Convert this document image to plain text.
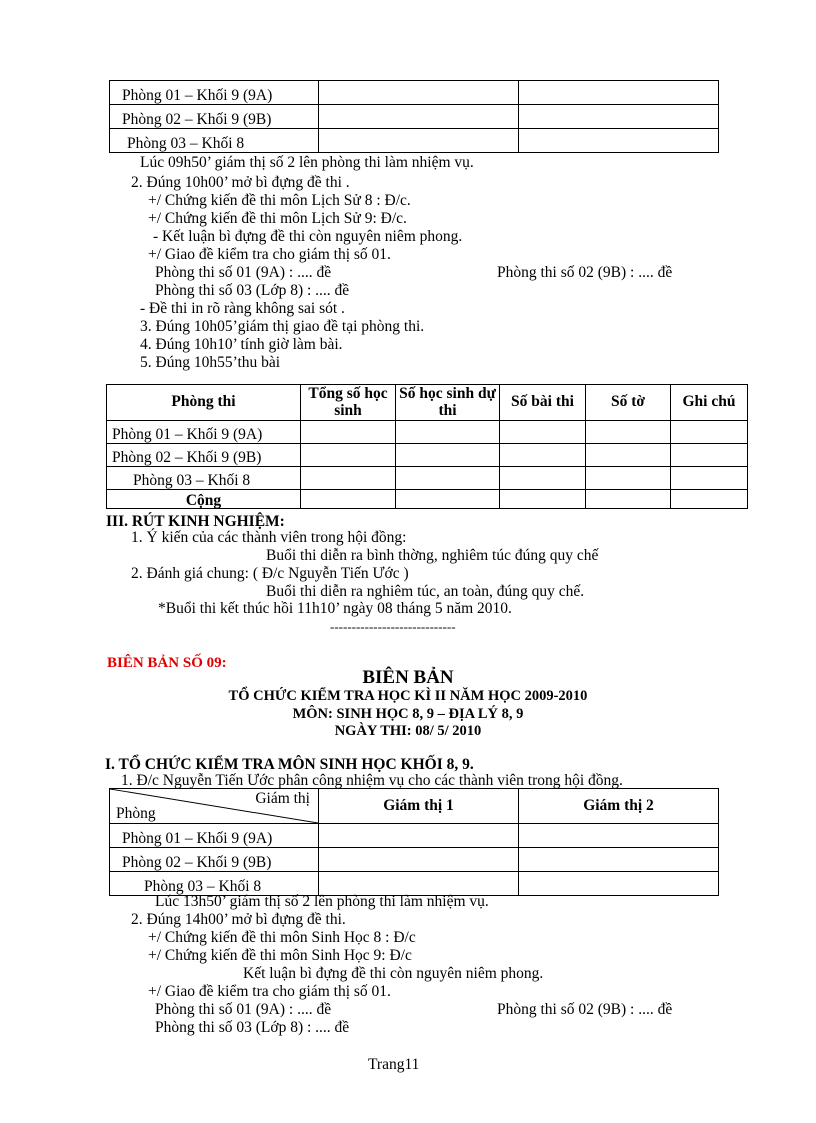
Phòng 01 – Khối 9 (9A)		
Phòng 02 – Khối 9 (9B)		
Phòng 03 – Khối 8		
Lúc 09h50’ giám thị số 2 lên phòng thi làm nhiệm vụ.
2. Đúng 10h00’ mở bì đựng đề thi .
+/ Chứng kiến đề thi môn Lịch Sử 8 : Đ/c.
+/ Chứng kiến đề thi môn Lịch Sử 9: Đ/c.
- Kết luận bì đựng đề thi còn nguyên niêm phong.
+/ Giao đề kiểm tra cho giám thị số 01.
Phòng thi số 01 (9A) : .... đề	Phòng thi số 02 (9B) : .... đề
Phòng thi số 03 (Lớp 8) : .... đề
- Đề thi in rõ ràng không sai sót .
3. Đúng 10h05’giám thị giao đề tại phòng thi.
4. Đúng 10h10’ tính giờ làm bài.
5. Đúng 10h55’thu bài
Phòng thi	Tổng số học sinh	Số học sinh dự thi	Số bài thi	Số tờ	Ghi chú
Phòng 01 – Khối 9 (9A)					
Phòng 02 – Khối 9 (9B)					
Phòng 03 – Khối 8					
Cộng					
III. RÚT KINH NGHIỆM:
1. Ý kiến của các thành viên trong hội đồng:
Buổi thi diễn ra bình thờng, nghiêm túc đúng quy chế
2. Đánh giá chung: ( Đ/c Nguyễn Tiến Ước )
Buổi thi diễn ra nghiêm túc, an toàn, đúng quy chế.
*Buổi thi kết thúc hồi 11h10’ ngày 08 tháng 5 năm 2010.
-----------------------------
BIÊN BẢN SỐ 09:
BIÊN BẢN
TỔ CHỨC KIỂM TRA HỌC KÌ II NĂM HỌC 2009-2010
MÔN: SINH HỌC 8, 9 – ĐỊA LÝ 8, 9
NGÀY THI: 08/ 5/ 2010
I. TỔ CHỨC KIỂM TRA MÔN SINH HỌC KHỐI 8, 9.
1. Đ/c Nguyễn Tiến Ước phân công nhiệm vụ cho các thành viên trong hội đồng.
Giám thị
Phòng	Giám thị 1	Giám thị 2
Phòng 01 – Khối 9 (9A)		
Phòng 02 – Khối 9 (9B)		
Phòng 03 – Khối 8		
Lúc 13h50’ giám thị số 2 lên phòng thi làm nhiệm vụ.
2. Đúng 14h00’ mở bì đựng đề thi.
+/ Chứng kiến đề thi môn Sinh Học 8 : Đ/c
+/ Chứng kiến đề thi môn Sinh Học 9: Đ/c
Kết luận bì đựng đề thi còn nguyên niêm phong.
+/ Giao đề kiểm tra cho giám thị số 01.
Phòng thi số 01 (9A) : .... đề	Phòng thi số 02 (9B) : .... đề
Phòng thi số 03 (Lớp 8) : .... đề
Trang11
